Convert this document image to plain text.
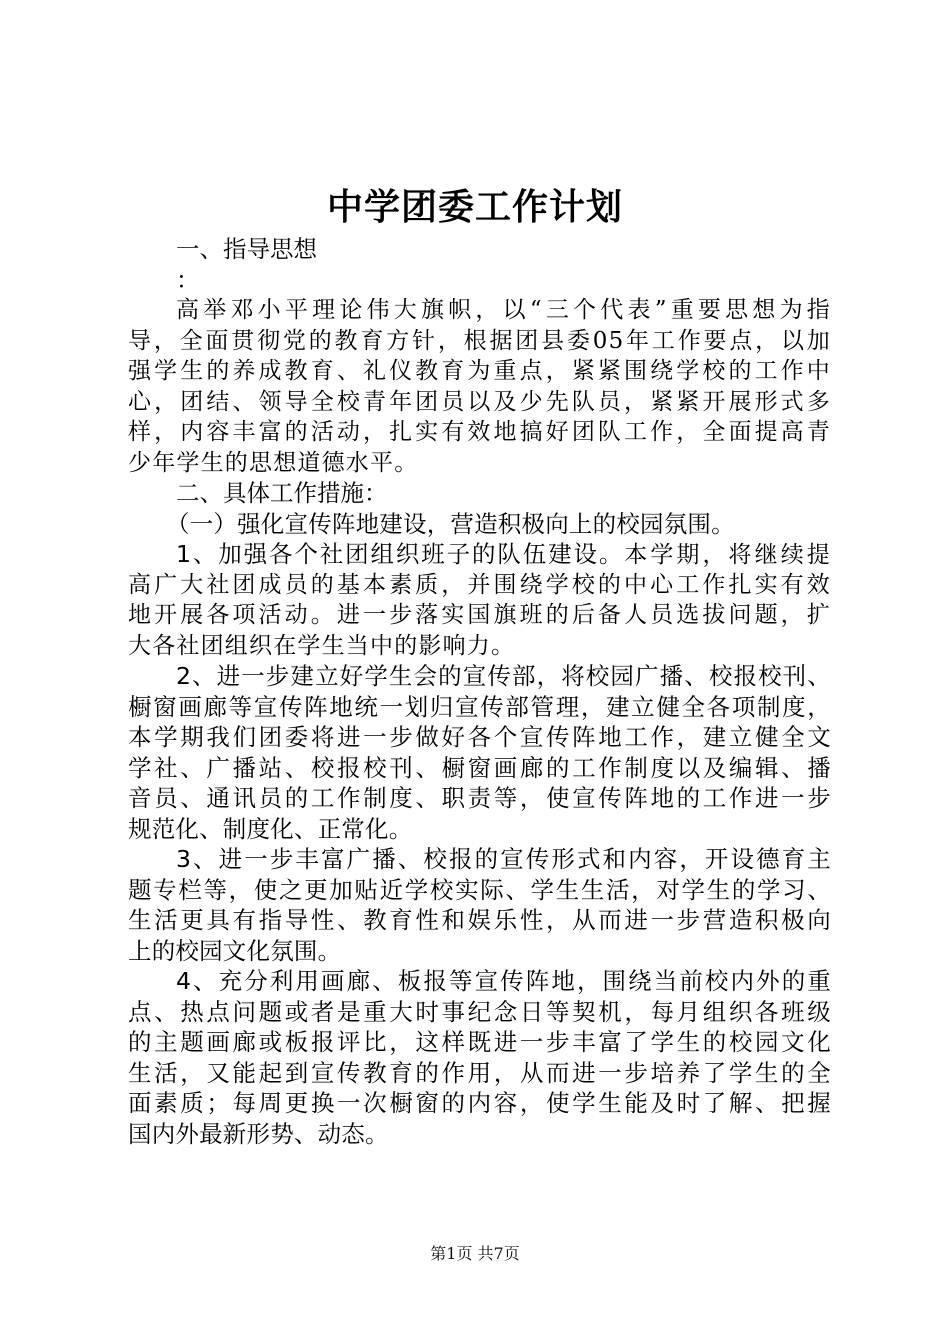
中学团委工作计划

一、指导思想

：

高举邓小平理论伟大旗帜，以“三个代表”重要思想为指

导，全面贯彻党的教育方针，根据团县委05年工作要点，以加

强学生的养成教育、礼仪教育为重点，紧紧围绕学校的工作中

心，团结、领导全校青年团员以及少先队员，紧紧开展形式多

样，内容丰富的活动，扎实有效地搞好团队工作，全面提高青

少年学生的思想道德水平。

二、具体工作措施：

（一）强化宣传阵地建设，营造积极向上的校园氛围。

1、加强各个社团组织班子的队伍建设。本学期，将继续提

高广大社团成员的基本素质，并围绕学校的中心工作扎实有效

地开展各项活动。进一步落实国旗班的后备人员选拔问题，扩

大各社团组织在学生当中的影响力。

2、进一步建立好学生会的宣传部，将校园广播、校报校刊、

橱窗画廊等宣传阵地统一划归宣传部管理，建立健全各项制度，

本学期我们团委将进一步做好各个宣传阵地工作，建立健全文

学社、广播站、校报校刊、橱窗画廊的工作制度以及编辑、播

音员、通讯员的工作制度、职责等，使宣传阵地的工作进一步

规范化、制度化、正常化。

3、进一步丰富广播、校报的宣传形式和内容，开设德育主

题专栏等，使之更加贴近学校实际、学生生活，对学生的学习、

生活更具有指导性、教育性和娱乐性，从而进一步营造积极向

上的校园文化氛围。

4、充分利用画廊、板报等宣传阵地，围绕当前校内外的重

点、热点问题或者是重大时事纪念日等契机，每月组织各班级

的主题画廊或板报评比，这样既进一步丰富了学生的校园文化

生活，又能起到宣传教育的作用，从而进一步培养了学生的全

面素质；每周更换一次橱窗的内容，使学生能及时了解、把握

国内外最新形势、动态。

第1页 共7页
